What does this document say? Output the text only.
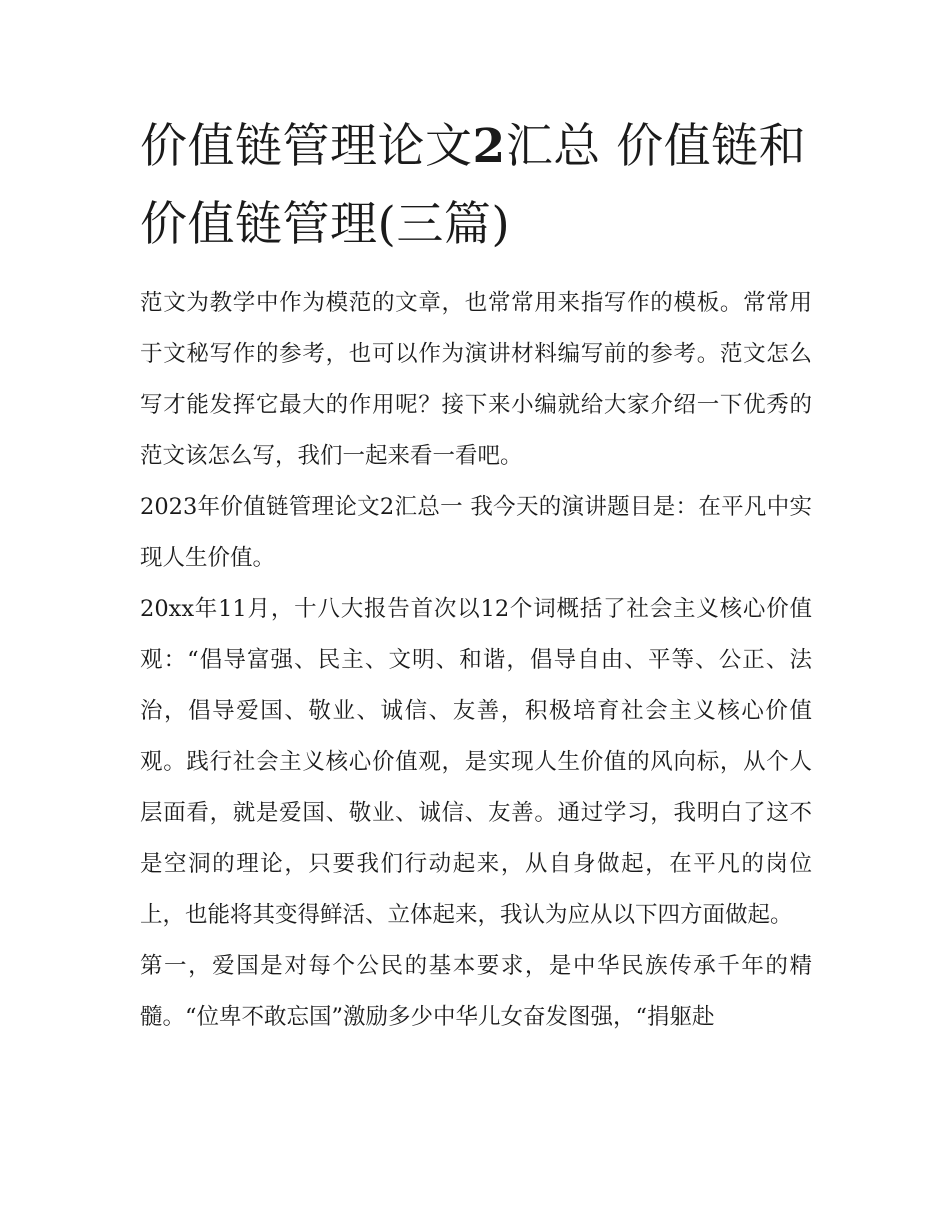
价值链管理论文2汇总 价值链和价值链管理(三篇)

范文为教学中作为模范的文章，也常常用来指写作的模板。常常用于文秘写作的参考，也可以作为演讲材料编写前的参考。范文怎么写才能发挥它最大的作用呢？接下来小编就给大家介绍一下优秀的范文该怎么写，我们一起来看一看吧。

2023年价值链管理论文2汇总一 我今天的演讲题目是：在平凡中实现人生价值。

20xx年11月，十八大报告首次以12个词概括了社会主义核心价值观：“倡导富强、民主、文明、和谐，倡导自由、平等、公正、法治，倡导爱国、敬业、诚信、友善，积极培育社会主义核心价值观。践行社会主义核心价值观，是实现人生价值的风向标，从个人层面看，就是爱国、敬业、诚信、友善。通过学习，我明白了这不是空洞的理论，只要我们行动起来，从自身做起，在平凡的岗位上，也能将其变得鲜活、立体起来，我认为应从以下四方面做起。

第一，爱国是对每个公民的基本要求，是中华民族传承千年的精髓。“位卑不敢忘国”激励多少中华儿女奋发图强，“捐躯赴
